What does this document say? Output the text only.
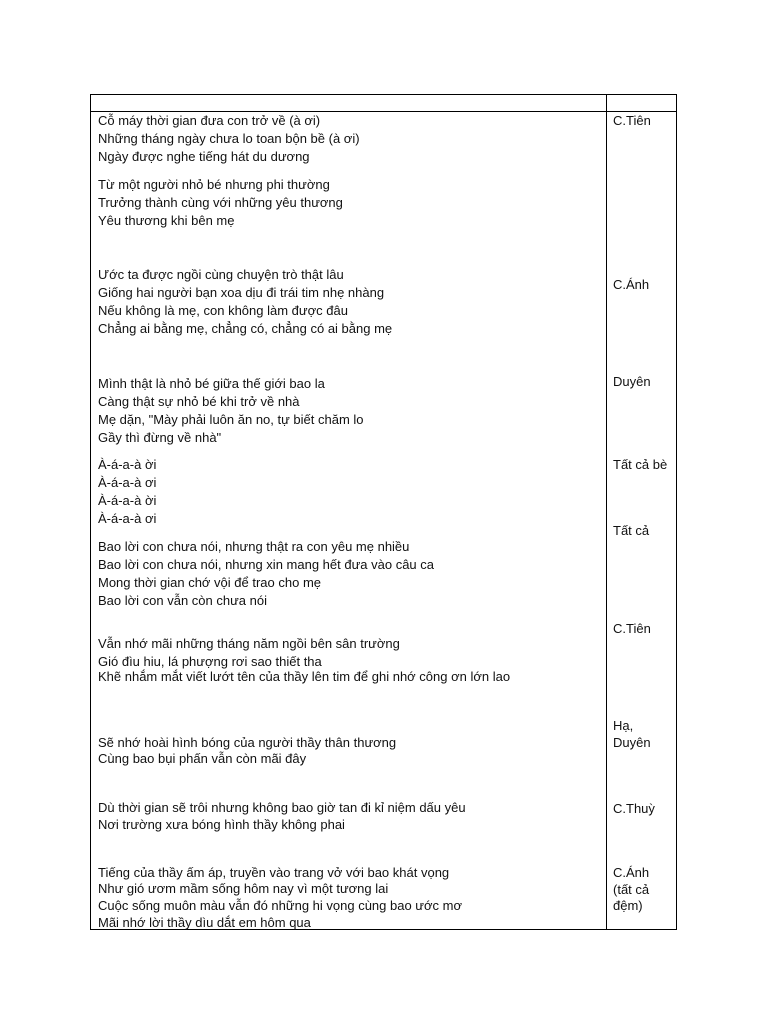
Cỗ máy thời gian đưa con trở về (à ơi)
Những tháng ngày chưa lo toan bộn bề (à ơi)
Ngày được nghe tiếng hát du dương
Từ một người nhỏ bé nhưng phi thường
Trưởng thành cùng với những yêu thương
Yêu thương khi bên mẹ
Ước ta được ngồi cùng chuyện trò thật lâu
Giống hai người bạn xoa dịu đi trái tim nhẹ nhàng
Nếu không là mẹ, con không làm được đâu
Chẳng ai bằng mẹ, chẳng có, chẳng có ai bằng mẹ
Mình thật là nhỏ bé giữa thế giới bao la
Càng thật sự nhỏ bé khi trở về nhà
Mẹ dặn, "Mày phải luôn ăn no, tự biết chăm lo
Gầy thì đừng về nhà"
À-á-a-à ời
À-á-a-à ơi
À-á-a-à ời
À-á-a-à ơi
Bao lời con chưa nói, nhưng thật ra con yêu mẹ nhiều
Bao lời con chưa nói, nhưng xin mang hết đưa vào câu ca
Mong thời gian chớ vội để trao cho mẹ
Bao lời con vẫn còn chưa nói
Vẫn nhớ mãi những tháng năm ngồi bên sân trường
Gió đìu hiu, lá phượng rơi sao thiết tha
Khẽ nhắm mắt viết lướt tên của thầy lên tim để ghi nhớ công ơn lớn lao
Sẽ nhớ hoài hình bóng của người thầy thân thương
Cùng bao bụi phấn vẫn còn mãi đây
Dù thời gian sẽ trôi nhưng không bao giờ tan đi kỉ niệm dấu yêu
Nơi trường xưa bóng hình thầy không phai
Tiếng của thầy ấm áp, truyền vào trang vở với bao khát vọng
Như gió ươm mầm sống hôm nay vì một tương lai
Cuộc sống muôn màu vẫn đó những hi vọng cùng bao ước mơ
Mãi nhớ lời thầy dìu dắt em hôm qua
C.Tiên
C.Ánh
Duyên
Tất cả bè
Tất cả
C.Tiên
Hạ,
Duyên
C.Thuỳ
C.Ánh
(tất cả
đệm)
